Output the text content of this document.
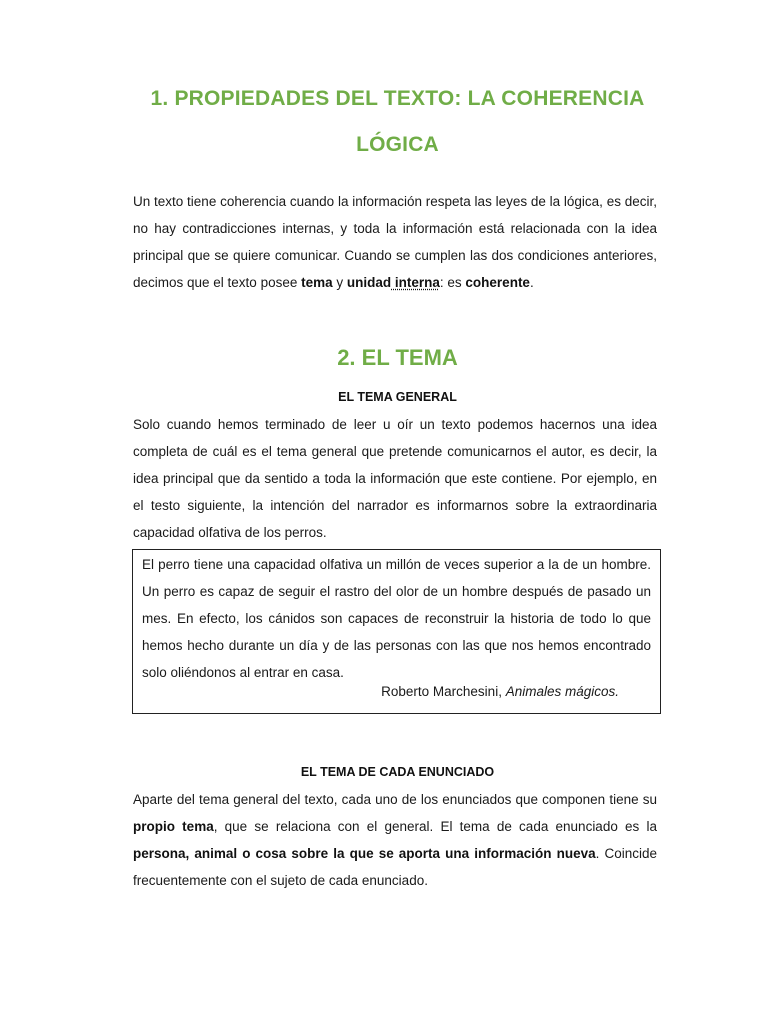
1. PROPIEDADES DEL TEXTO: LA COHERENCIA
LÓGICA

Un texto tiene coherencia cuando la información respeta las leyes de la lógica, es decir, no hay contradicciones internas, y toda la información está relacionada con la idea principal que se quiere comunicar. Cuando se cumplen las dos condiciones anteriores, decimos que el texto posee tema y unidad interna: es coherente.

2. EL TEMA

EL TEMA GENERAL

Solo cuando hemos terminado de leer u oír un texto podemos hacernos una idea completa de cuál es el tema general que pretende comunicarnos el autor, es decir, la idea principal que da sentido a toda la información que este contiene. Por ejemplo, en el testo siguiente, la intención del narrador es informarnos sobre la extraordinaria capacidad olfativa de los perros.

El perro tiene una capacidad olfativa un millón de veces superior a la de un hombre. Un perro es capaz de seguir el rastro del olor de un hombre después de pasado un mes. En efecto, los cánidos son capaces de reconstruir la historia de todo lo que hemos hecho durante un día y de las personas con las que nos hemos encontrado solo oliéndonos al entrar en casa.

Roberto Marchesini, Animales mágicos.

EL TEMA DE CADA ENUNCIADO

Aparte del tema general del texto, cada uno de los enunciados que componen tiene su propio tema, que se relaciona con el general. El tema de cada enunciado es la persona, animal o cosa sobre la que se aporta una información nueva. Coincide frecuentemente con el sujeto de cada enunciado.
